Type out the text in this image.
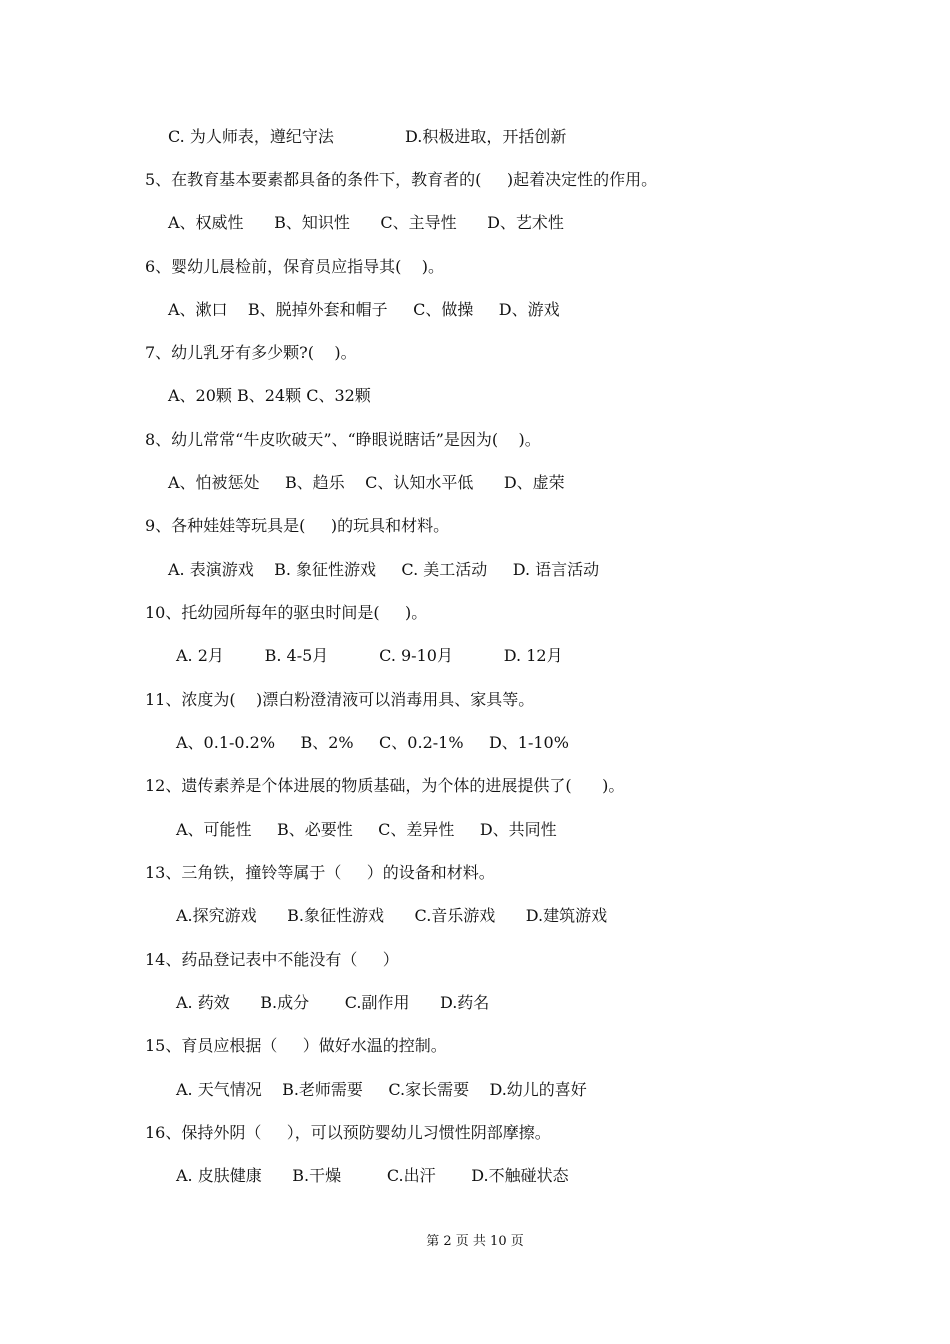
C. 为人师表，遵纪守法              D.积极进取，开括创新
5、在教育基本要素都具备的条件下，教育者的(     )起着决定性的作用。
A、权威性      B、知识性      C、主导性      D、艺术性
6、婴幼儿晨检前，保育员应指导其(    )。
A、漱口    B、脱掉外套和帽子     C、做操     D、游戏
7、幼儿乳牙有多少颗?(    )。
A、20颗 B、24颗 C、32颗
8、幼儿常常“牛皮吹破天”、“睁眼说瞎话”是因为(    )。
A、怕被惩处     B、趋乐    C、认知水平低      D、虚荣
9、各种娃娃等玩具是(     )的玩具和材料。
A. 表演游戏    B. 象征性游戏     C. 美工活动     D. 语言活动
10、托幼园所每年的驱虫时间是(     )。
A. 2月        B. 4-5月          C. 9-10月          D. 12月
11、浓度为(    )漂白粉澄清液可以消毒用具、家具等。
A、0.1-0.2%     B、2%     C、0.2-1%     D、1-10%
12、遗传素养是个体进展的物质基础，为个体的进展提供了(      )。
A、可能性     B、必要性     C、差异性     D、共同性
13、三角铁，撞铃等属于（     ）的设备和材料。
A.探究游戏      B.象征性游戏      C.音乐游戏      D.建筑游戏
14、药品登记表中不能没有（     ）
A. 药效      B.成分       C.副作用      D.药名
15、育员应根据（     ）做好水温的控制。
A. 天气情况    B.老师需要     C.家长需要    D.幼儿的喜好
16、保持外阴（     ），可以预防婴幼儿习惯性阴部摩擦。
A. 皮肤健康      B.干燥         C.出汗       D.不触碰状态
第 2 页 共 10 页
